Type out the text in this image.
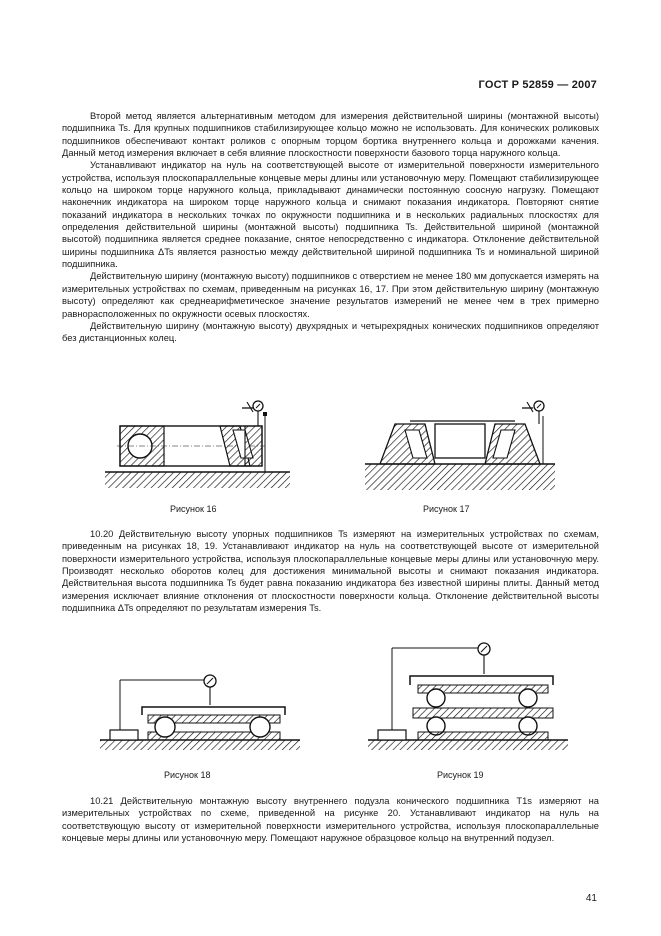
ГОСТ Р 52859 — 2007

Второй метод является альтернативным методом для измерения действительной ширины (монтажной высоты) подшипника Ts. Для крупных подшипников стабилизирующее кольцо можно не использовать. Для конических роликовых подшипников обеспечивают контакт роликов с опорным торцом бортика внутреннего кольца и дорожками качения. Данный метод измерения включает в себя влияние плоскостности поверхности базового торца наружного кольца.

Устанавливают индикатор на нуль на соответствующей высоте от измерительной поверхности измерительного устройства, используя плоскопараллельные концевые меры длины или установочную меру. Помещают стабилизирующее кольцо на широком торце наружного кольца, прикладывают динамически постоянную соосную нагрузку. Помещают наконечник индикатора на широком торце наружного кольца и снимают показания индикатора. Повторяют снятие показаний индикатора в нескольких точках по окружности подшипника и в нескольких радиальных плоскостях для определения действительной ширины (монтажной высоты) подшипника Ts. Действительной шириной (монтажной высотой) подшипника является среднее показание, снятое непосредственно с индикатора. Отклонение действительной ширины подшипника ΔTs является разностью между действительной шириной подшипника Ts и номинальной шириной подшипника.

Действительную ширину (монтажную высоту) подшипников с отверстием не менее 180 мм допускается измерять на измерительных устройствах по схемам, приведенным на рисунках 16, 17. При этом действительную ширину (монтажную высоту) определяют как среднеарифметическое значение результатов измерений не менее чем в трех примерно равнорасположенных по окружности осевых плоскостях.

Действительную ширину (монтажную высоту) двухрядных и четырехрядных конических подшипников определяют без дистанционных колец.

Рисунок 16	Рисунок 17

10.20 Действительную высоту упорных подшипников Ts измеряют на измерительных устройствах по схемам, приведенным на рисунках 18, 19. Устанавливают индикатор на нуль на соответствующей высоте от измерительной поверхности измерительного устройства, используя плоскопараллельные концевые меры длины или установочную меру. Производят несколько оборотов колец для достижения минимальной высоты и снимают показания индикатора. Действительная высота подшипника Ts будет равна показанию индикатора без известной ширины плиты. Данный метод измерения исключает влияние отклонения от плоскостности поверхности кольца. Отклонение действительной высоты подшипника ΔTs определяют по результатам измерения Ts.

Рисунок 18	Рисунок 19

10.21 Действительную монтажную высоту внутреннего подузла конического подшипника T1s измеряют на измерительных устройствах по схеме, приведенной на рисунке 20. Устанавливают индикатор на нуль на соответствующую высоту от измерительной поверхности измерительного устройства, используя плоскопараллельные концевые меры длины или установочную меру. Помещают наружное образцовое кольцо на внутренний подузел.

41
